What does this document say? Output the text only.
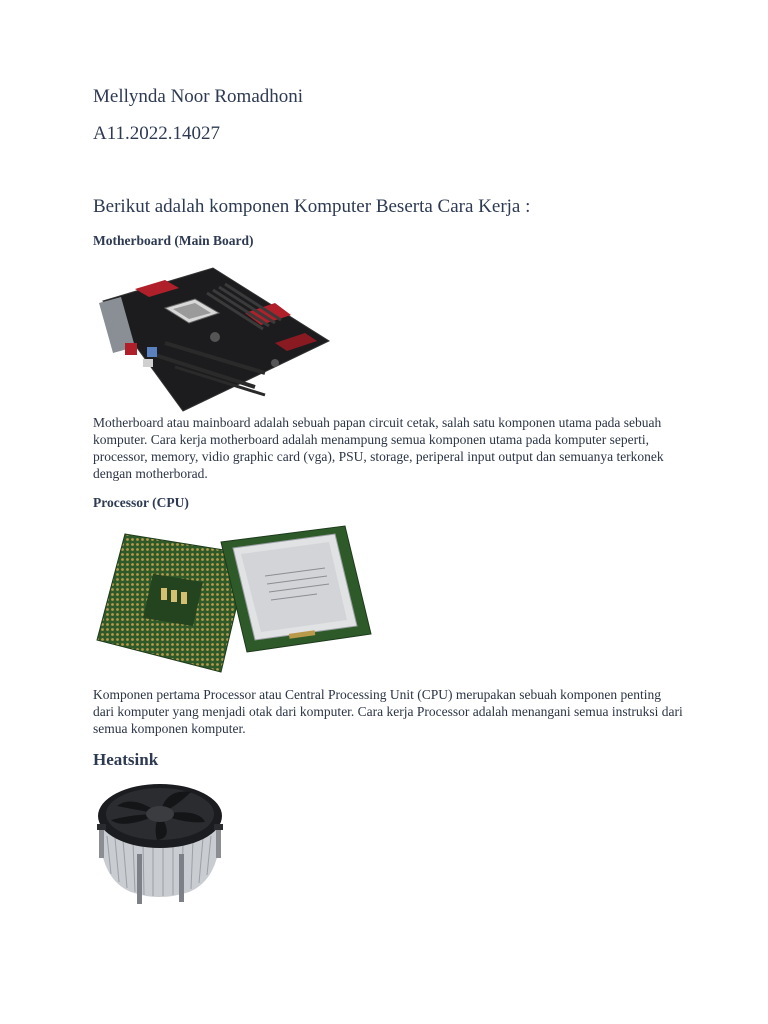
Mellynda Noor Romadhoni
A11.2022.14027
Berikut adalah komponen Komputer Beserta Cara Kerja :
Motherboard (Main Board)

Motherboard atau mainboard adalah sebuah papan circuit cetak, salah satu komponen utama pada sebuah komputer. Cara kerja motherboard adalah menampung semua komponen utama pada komputer seperti, processor, memory, vidio graphic card (vga), PSU, storage, periperal input output dan semuanya terkonek dengan motherborad.

Processor (CPU)

Komponen pertama Processor atau Central Processing Unit (CPU) merupakan sebuah komponen penting dari komputer yang menjadi otak dari komputer. Cara kerja Processor adalah menangani semua instruksi dari semua komponen komputer.

Heatsink
